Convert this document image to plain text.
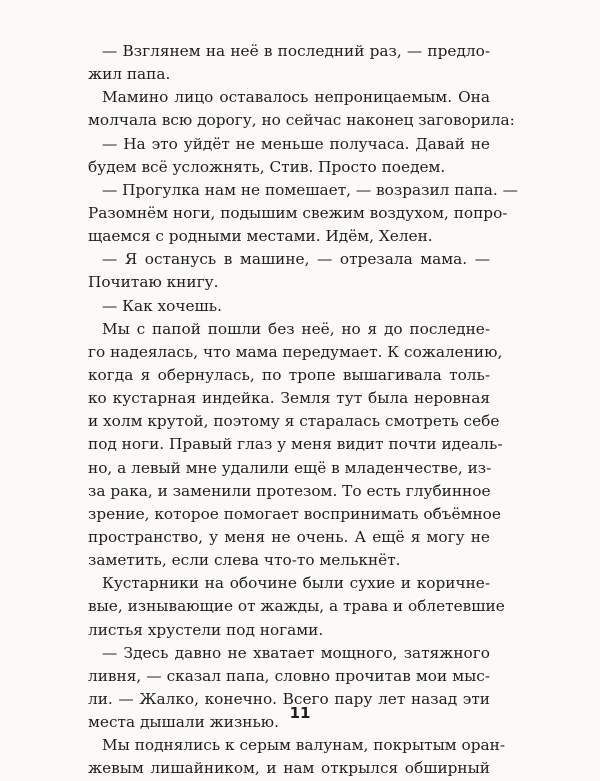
— Взглянем на неё в последний раз, — предло-
жил папа.
Мамино лицо оставалось непроницаемым. Она
молчала всю дорогу, но сейчас наконец заговорила:
— На это уйдёт не меньше получаса. Давай не
будем всё усложнять, Стив. Просто поедем.
— Прогулка нам не помешает, — возразил папа. —
Разомнём ноги, подышим свежим воздухом, попро-
щаемся с родными местами. Идём, Хелен.
— Я останусь в машине, — отрезала мама. —
Почитаю книгу.
— Как хочешь.
Мы с папой пошли без неё, но я до последне-
го надеялась, что мама передумает. К сожалению,
когда я обернулась, по тропе вышагивала толь-
ко кустарная индейка. Земля тут была неровная
и холм крутой, поэтому я старалась смотреть себе
под ноги. Правый глаз у меня видит почти идеаль-
но, а левый мне удалили ещё в младенчестве, из-
за рака, и заменили протезом. То есть глубинное
зрение, которое помогает воспринимать объёмное
пространство, у меня не очень. А ещё я могу не
заметить, если слева что-то мелькнёт.
Кустарники на обочине были сухие и коричне-
вые, изнывающие от жажды, а трава и облетевшие
листья хрустели под ногами.
— Здесь давно не хватает мощного, затяжного
ливня, — сказал папа, словно прочитав мои мыс-
ли. — Жалко, конечно. Всего пару лет назад эти
места дышали жизнью.
Мы поднялись к серым валунам, покрытым оран-
жевым лишайником, и нам открылся обширный
11
